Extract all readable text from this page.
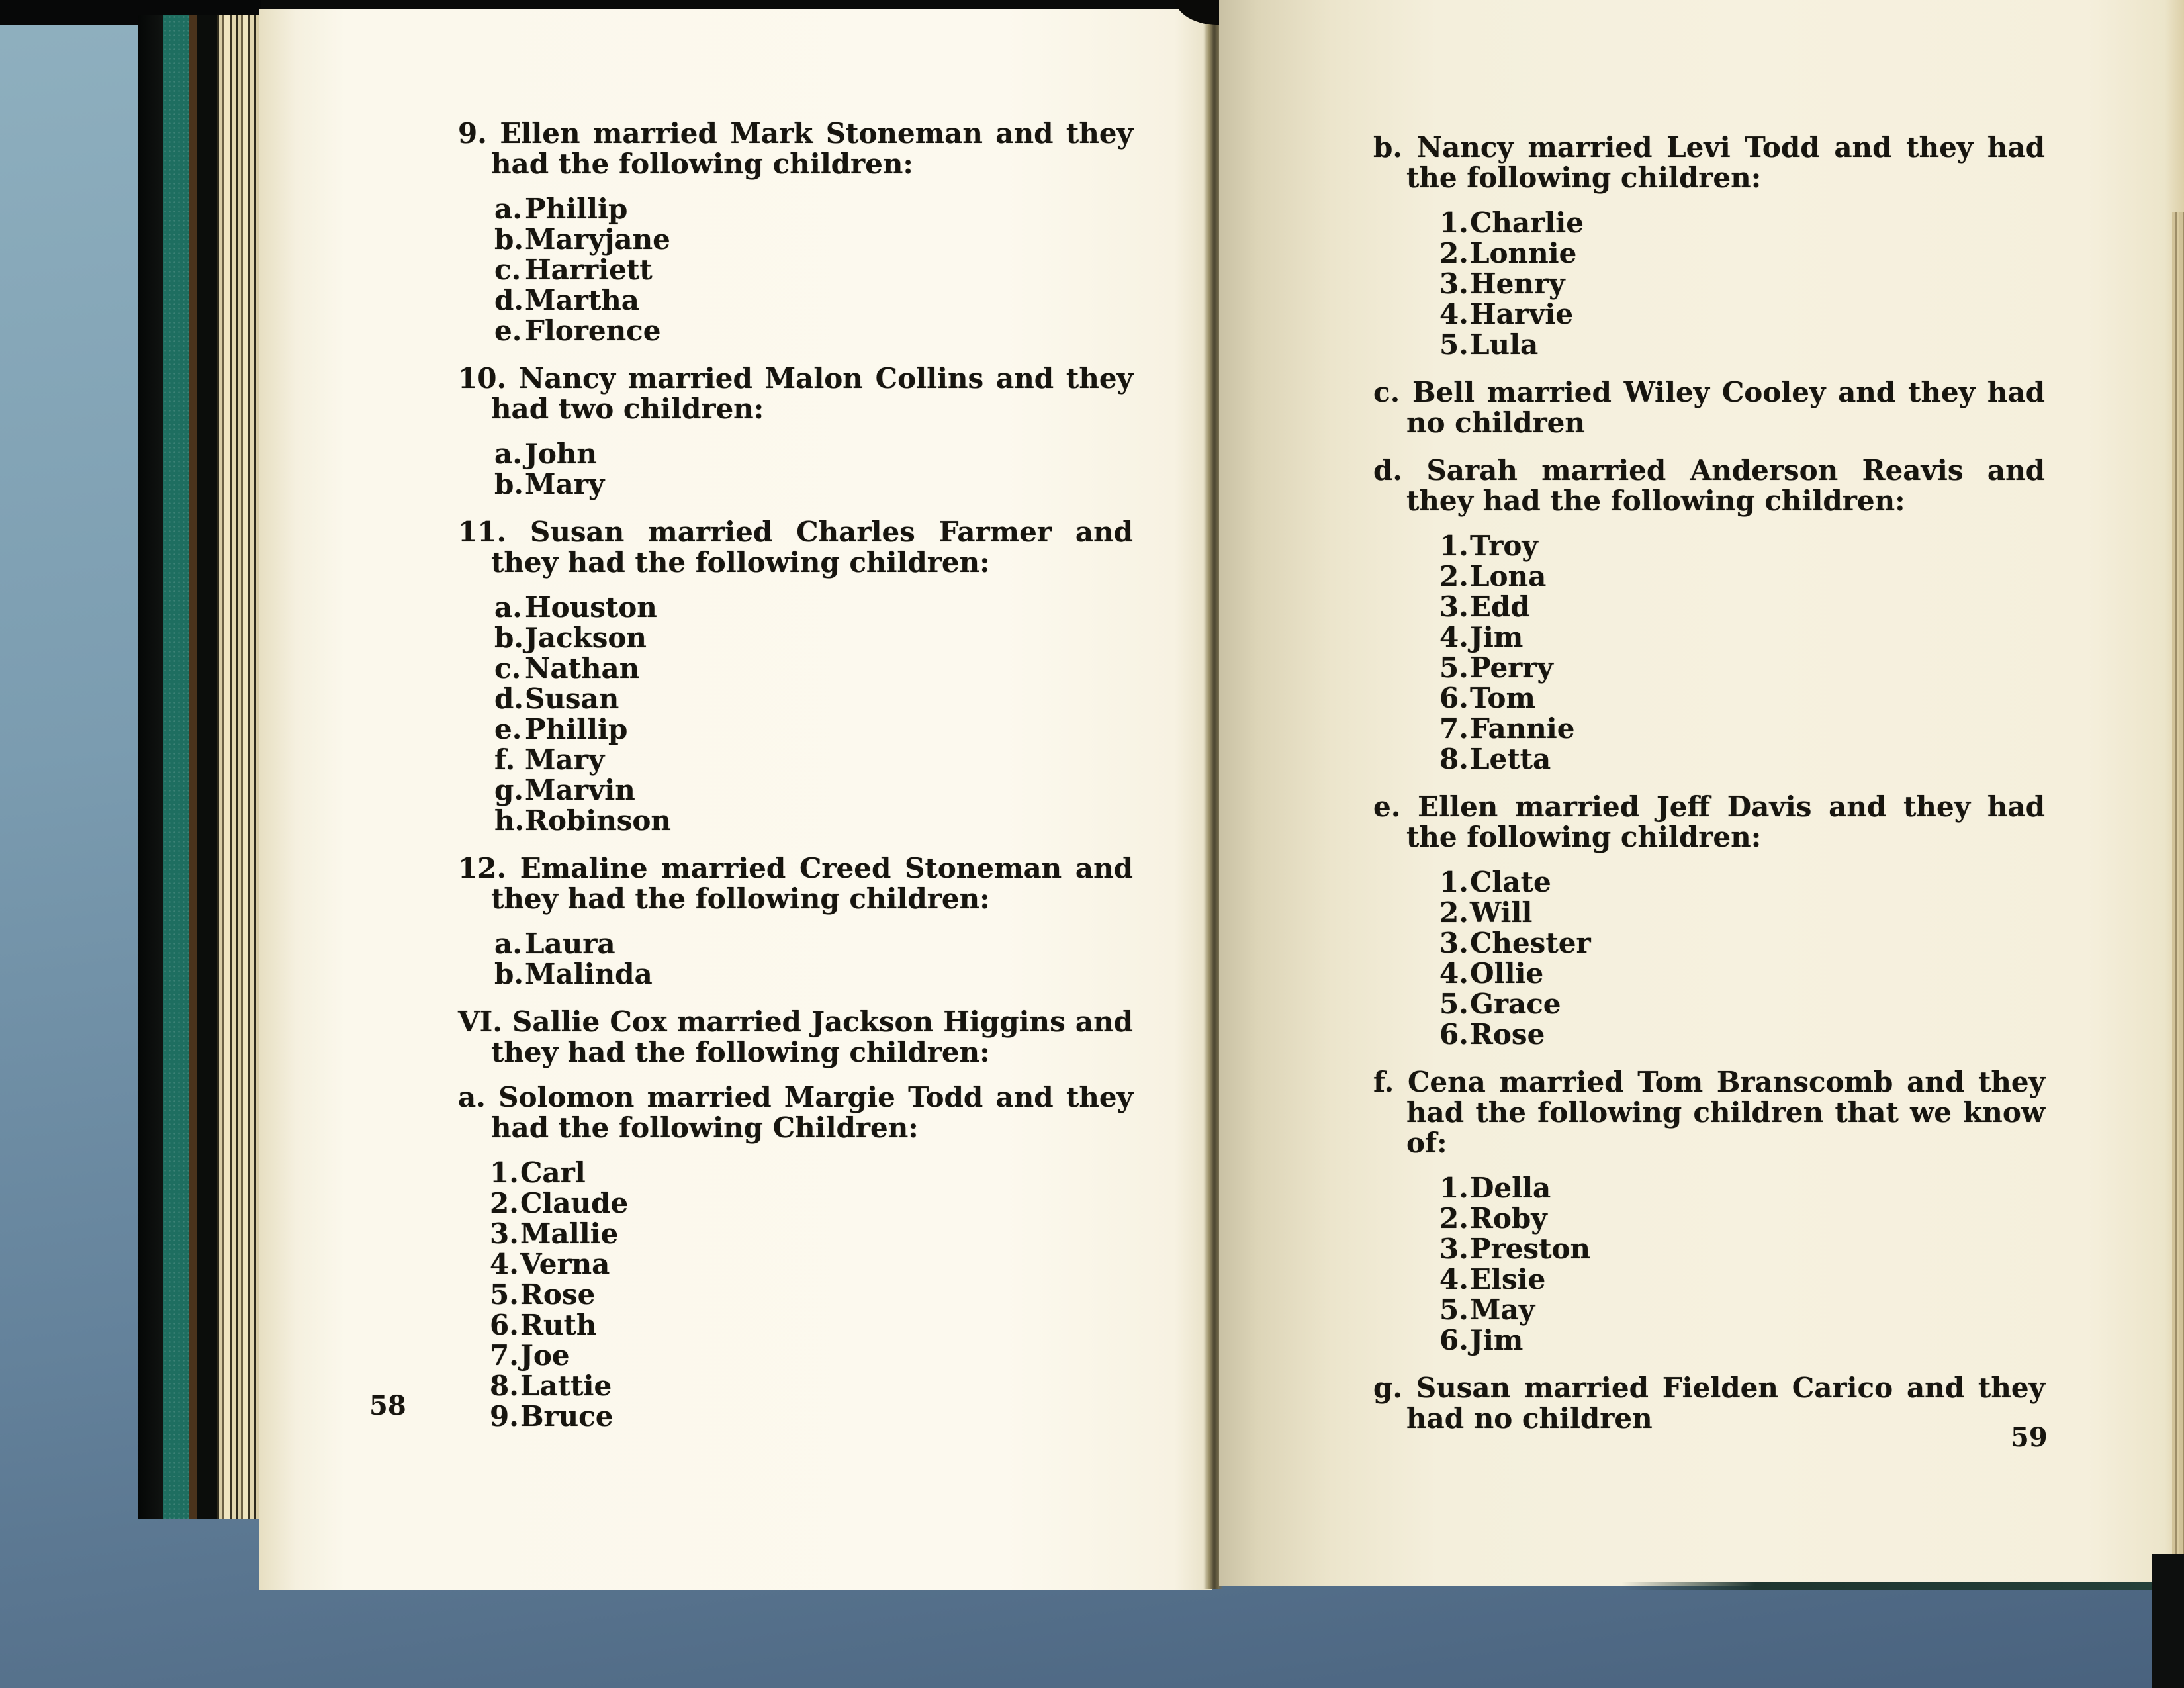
9. Ellen married Mark Stoneman and they had the following children:
a.Phillip
b.Maryjane
c. Harriett
d.Martha
e. Florence
10. Nancy married Malon Collins and they had two children:
a.John
b.Mary
11. Susan married Charles Farmer and they had the following children:
a.Houston
b.Jackson
c. Nathan
d.Susan
e. Phillip
f. Mary
g.Marvin
h.Robinson
12. Emaline married Creed Stoneman and they had the following children:
a.Laura
b.Malinda
VI. Sallie Cox married Jackson Higgins and they had the following children:
a. Solomon married Margie Todd and they had the following Children:
1.Carl
2.Claude
3.Mallie
4.Verna
5.Rose
6.Ruth
7.Joe
8.Lattie
9.Bruce
58
b. Nancy married Levi Todd and they had the following children:
1.Charlie
2.Lonnie
3.Henry
4.Harvie
5.Lula
c. Bell married Wiley Cooley and they had no children
d. Sarah married Anderson Reavis and they had the following children:
1.Troy
2.Lona
3.Edd
4.Jim
5.Perry
6.Tom
7.Fannie
8.Letta
e. Ellen married Jeff Davis and they had the following children:
1.Clate
2.Will
3.Chester
4.Ollie
5.Grace
6.Rose
f. Cena married Tom Branscomb and they had the following children that we know of:
1.Della
2.Roby
3.Preston
4.Elsie
5.May
6.Jim
g. Susan married Fielden Carico and they had no children
59
